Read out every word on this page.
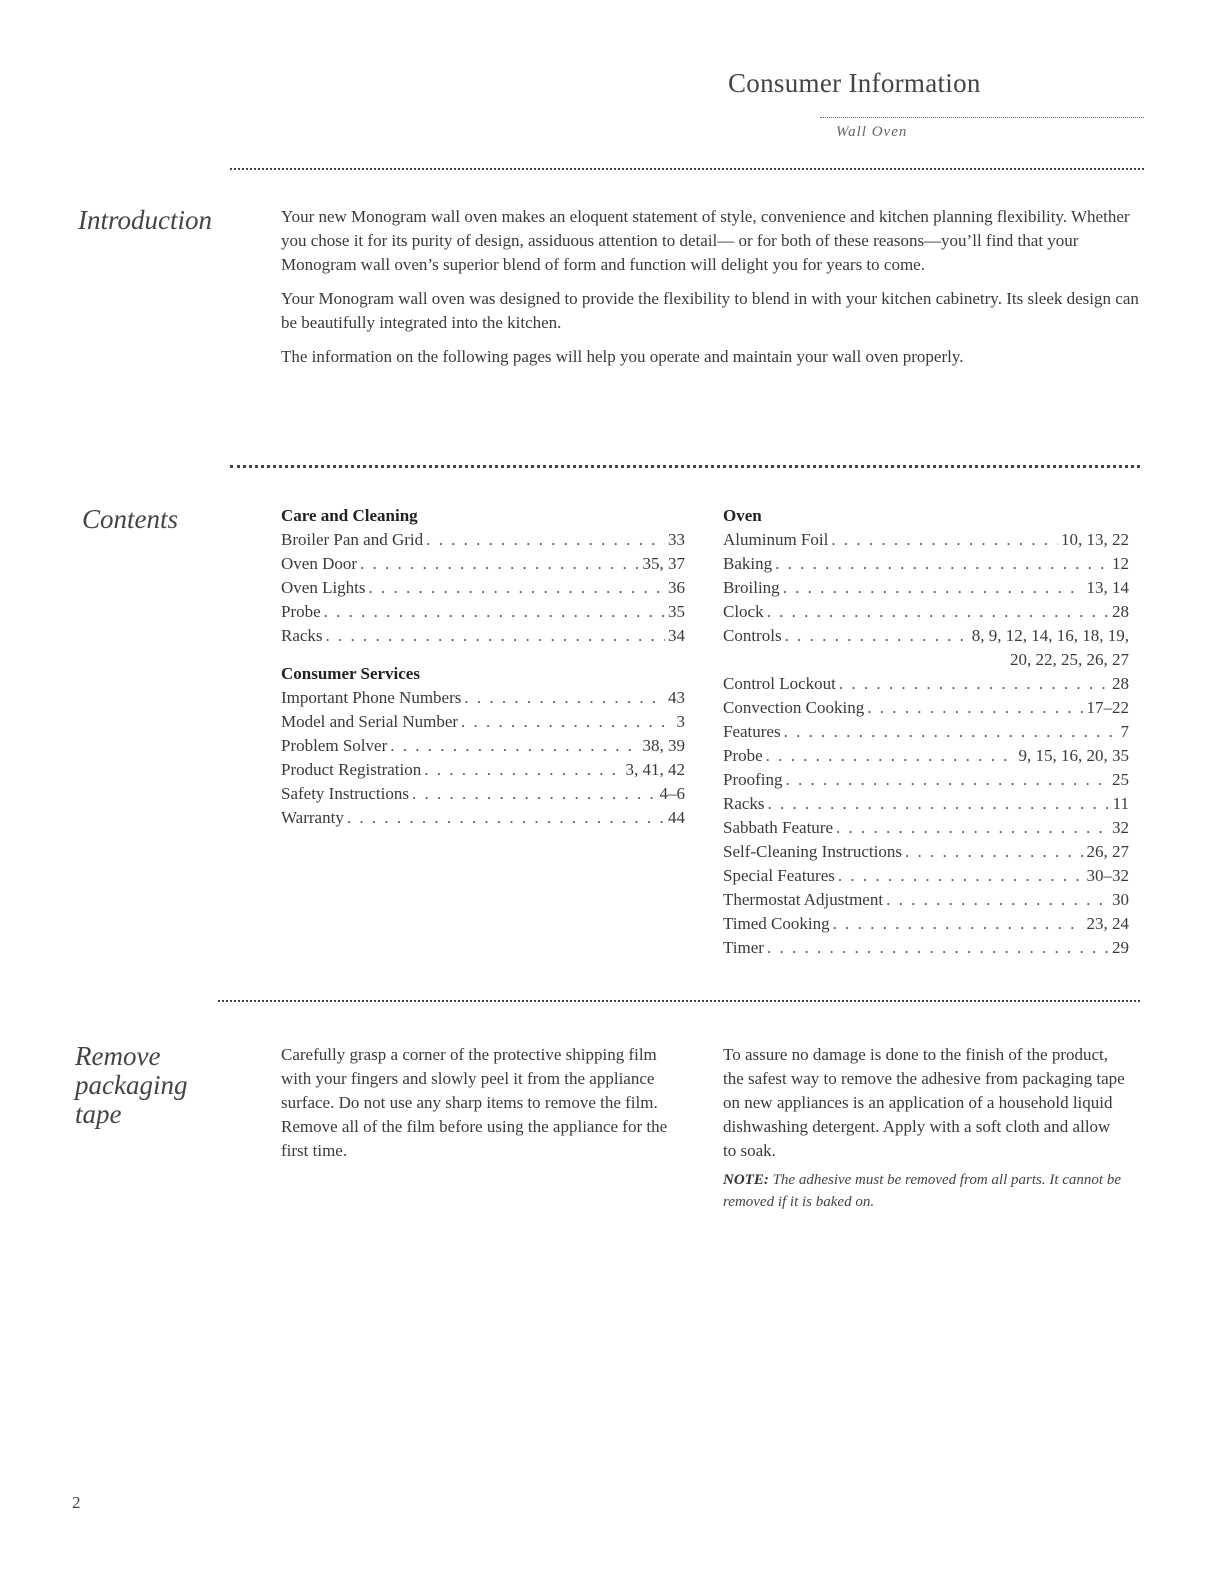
Consumer Information
Wall Oven
Introduction	Your new Monogram wall oven makes an eloquent statement of style, convenience and kitchen planning flexibility. Whether you chose it for its purity of design, assiduous attention to detail— or for both of these reasons—you’ll find that your Monogram wall oven’s superior blend of form and function will delight you for years to come.

Your Monogram wall oven was designed to provide the flexibility to blend in with your kitchen cabinetry. Its sleek design can be beautifully integrated into the kitchen.

The information on the following pages will help you operate and maintain your wall oven properly.

Contents	Care and Cleaning
Broiler Pan and Grid . . .	33
Oven Door . . .	35, 37
Oven Lights . . .	36
Probe . . .	35
Racks . . .	34
Consumer Services
Important Phone Numbers . . .	43
Model and Serial Number . . .	3
Problem Solver . . .	38, 39
Product Registration . . .	3, 41, 42
Safety Instructions . . .	4–6
Warranty . . .	44
Oven
Aluminum Foil . . .	10, 13, 22
Baking . . .	12
Broiling . . .	13, 14
Clock . . .	28
Controls . . .	8, 9, 12, 14, 16, 18, 19,
20, 22, 25, 26, 27
Control Lockout . . .	28
Convection Cooking . . .	17–22
Features . . .	7
Probe . . .	9, 15, 16, 20, 35
Proofing . . .	25
Racks . . .	11
Sabbath Feature . . .	32
Self-Cleaning Instructions . . .	26, 27
Special Features . . .	30–32
Thermostat Adjustment . . .	30
Timed Cooking . . .	23, 24
Timer . . .	29
Remove
packaging
tape

Carefully grasp a corner of the protective shipping film with your fingers and slowly peel it from the appliance surface. Do not use any sharp items to remove the film. Remove all of the film before using the appliance for the first time.

To assure no damage is done to the finish of the product, the safest way to remove the adhesive from packaging tape on new appliances is an application of a household liquid dishwashing detergent. Apply with a soft cloth and allow to soak.

NOTE: The adhesive must be removed from all parts. It cannot be removed if it is baked on.
2
